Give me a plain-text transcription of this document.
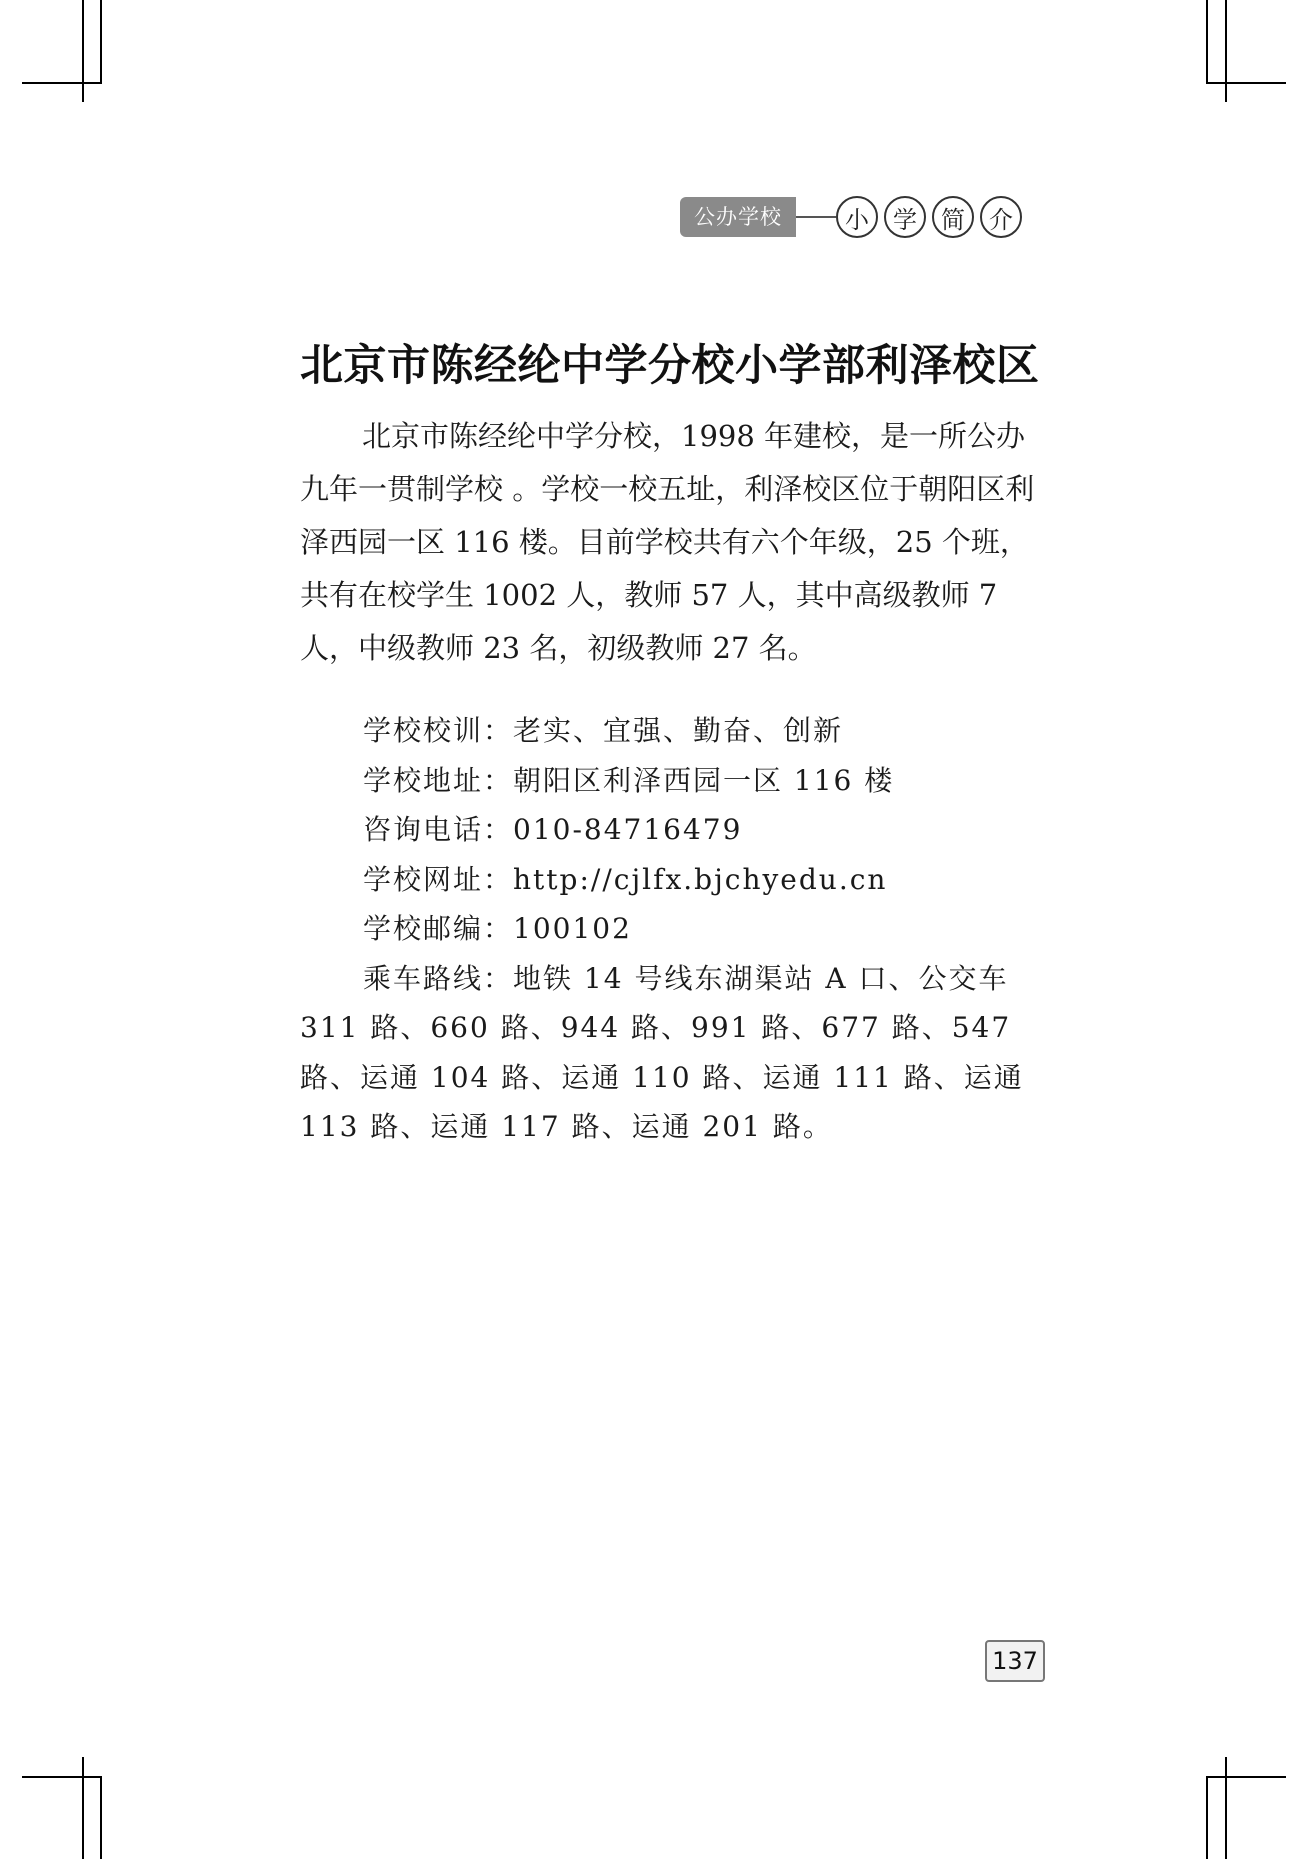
公办学校	小	学	简	介
北京市陈经纶中学分校小学部利泽校区

北京市陈经纶中学分校，1998 年建校，是一所公办九年一贯制学校 。学校一校五址，利泽校区位于朝阳区利泽西园一区 116 楼。目前学校共有六个年级，25 个班，共有在校学生 1002 人，教师 57 人，其中高级教师 7 人，中级教师 23 名，初级教师 27 名。

学校校训：老实、宜强、勤奋、创新
学校地址：朝阳区利泽西园一区 116 楼
咨询电话：010-84716479
学校网址：http://cjlfx.bjchyedu.cn
学校邮编：100102
乘车路线：地铁 14 号线东湖渠站 A 口、公交车 311 路、660 路、944 路、991 路、677 路、547 路、运通 104 路、运通 110 路、运通 111 路、运通 113 路、运通 117 路、运通 201 路。
137
